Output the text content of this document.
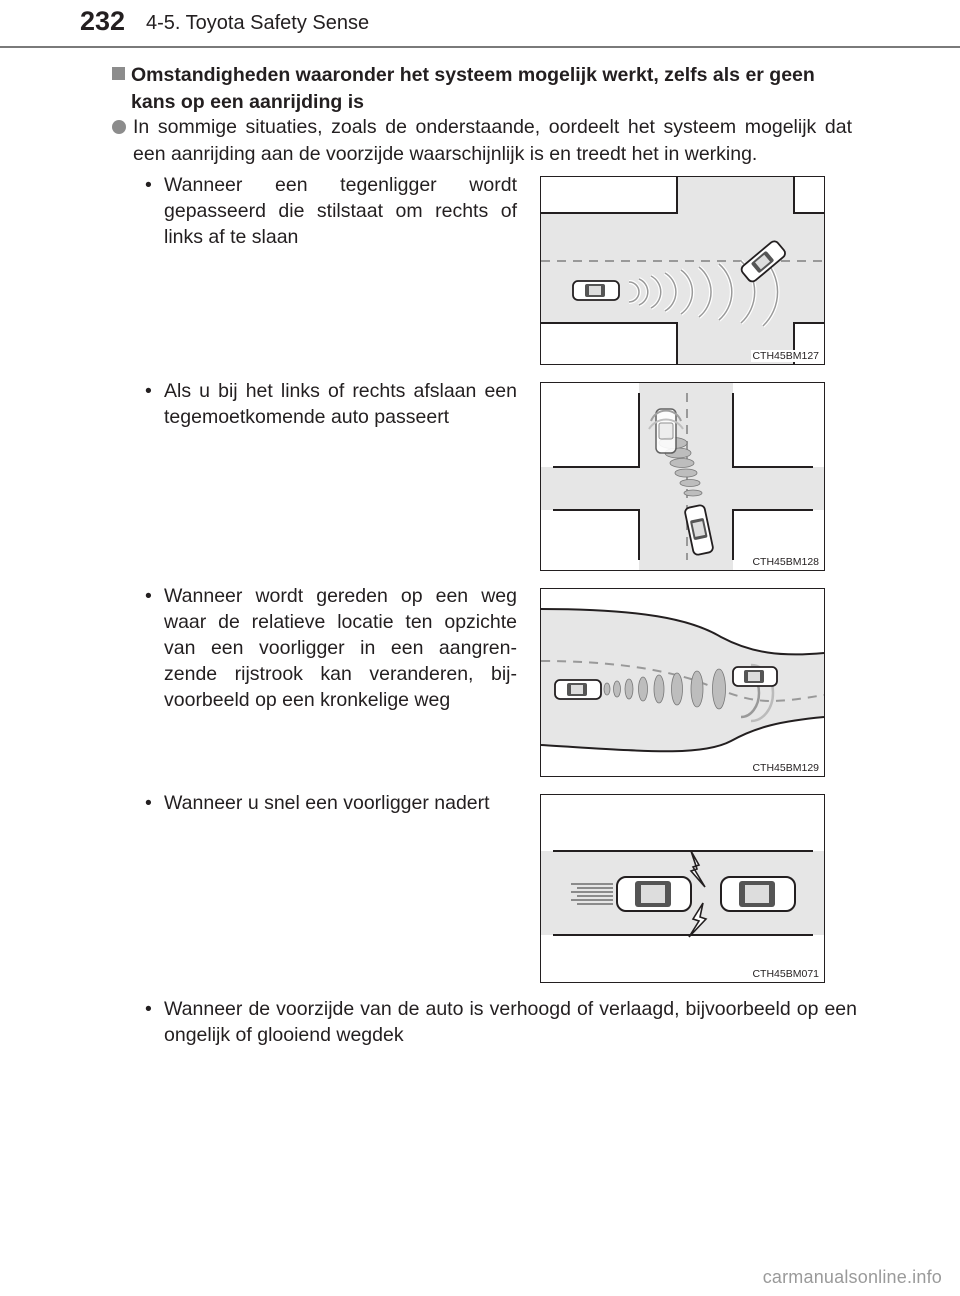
232 4-5. Toyota Safety Sense
Omstandigheden waaronder het systeem mogelijk werkt, zelfs als er geen kans op een aanrijding is
In sommige situaties, zoals de onderstaande, oordeelt het systeem mogelijk dat een aanrijding aan de voorzijde waarschijnlijk is en treedt het in werking.
• Wanneer een tegenligger wordt gepasseerd die stilstaat om rechts of links af te slaan
CTH45BM127
• Als u bij het links of rechts afslaan een tegemoetkomende auto passeert
CTH45BM128
• Wanneer wordt gereden op een weg waar de relatieve locatie ten opzichte van een voorligger in een aangren-zende rijstrook kan veranderen, bij-voorbeeld op een kronkelige weg
CTH45BM129
• Wanneer u snel een voorligger nadert
CTH45BM071
• Wanneer de voorzijde van de auto is verhoogd of verlaagd, bijvoorbeeld op een ongelijk of glooiend wegdek
carmanualsonline.info
